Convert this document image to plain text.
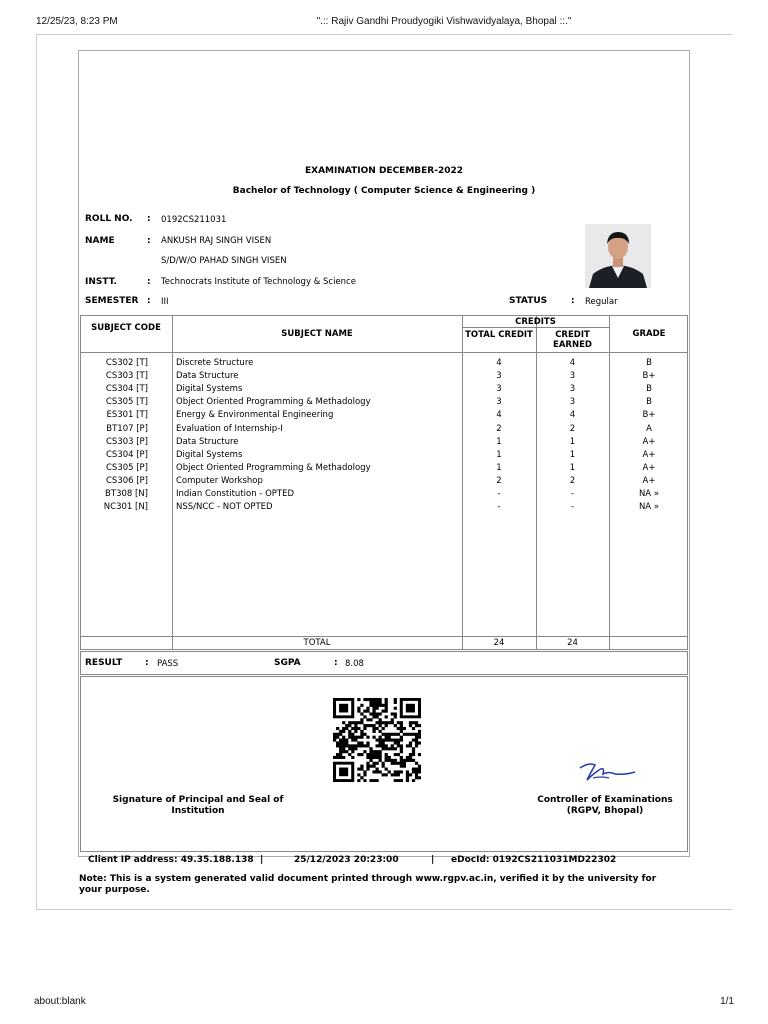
12/25/23, 8:23 PM	".:: Rajiv Gandhi Proudyogiki Vishwavidyalaya, Bhopal ::."
EXAMINATION DECEMBER-2022
Bachelor of Technology ( Computer Science & Engineering )
ROLL NO. : 0192CS211031
NAME	: ANKUSH RAJ SINGH VISEN
S/D/W/O PAHAD SINGH VISEN
INSTT.	: Technocrats Institute of Technology & Science
SEMESTER : III	STATUS	: Regular
SUBJECT CODE
SUBJECT NAME
CREDITS
TOTAL CREDIT	CREDIT EARNED
GRADE
CS302 [T]	Discrete Structure	4	4	B
CS303 [T]	Data Structure	3	3	B+
CS304 [T]	Digital Systems	3	3	B
CS305 [T]	Object Oriented Programming & Methadology	3	3	B
ES301 [T]	Energy & Environmental Engineering	4	4	B+
BT107 [P]	Evaluation of Internship-I	2	2	A
CS303 [P]	Data Structure	1	1	A+
CS304 [P]	Digital Systems	1	1	A+
CS305 [P]	Object Oriented Programming & Methadology	1	1	A+
CS306 [P]	Computer Workshop	2	2	A+
BT308 [N]	Indian Constitution - OPTED	-	-	NA »
NC301 [N]	NSS/NCC - NOT OPTED	-	-	NA »
TOTAL	24	24
RESULT	: PASS	SGPA	: 8.08
Signature of Principal and Seal of Institution
Controller of Examinations
(RGPV, Bhopal)
Client IP address: 49.35.188.138 |	25/12/2023 20:23:00	| eDocId: 0192CS211031MD22302
Note: This is a system generated valid document printed through www.rgpv.ac.in, verified it by the university for your purpose.
about:blank	1/1
